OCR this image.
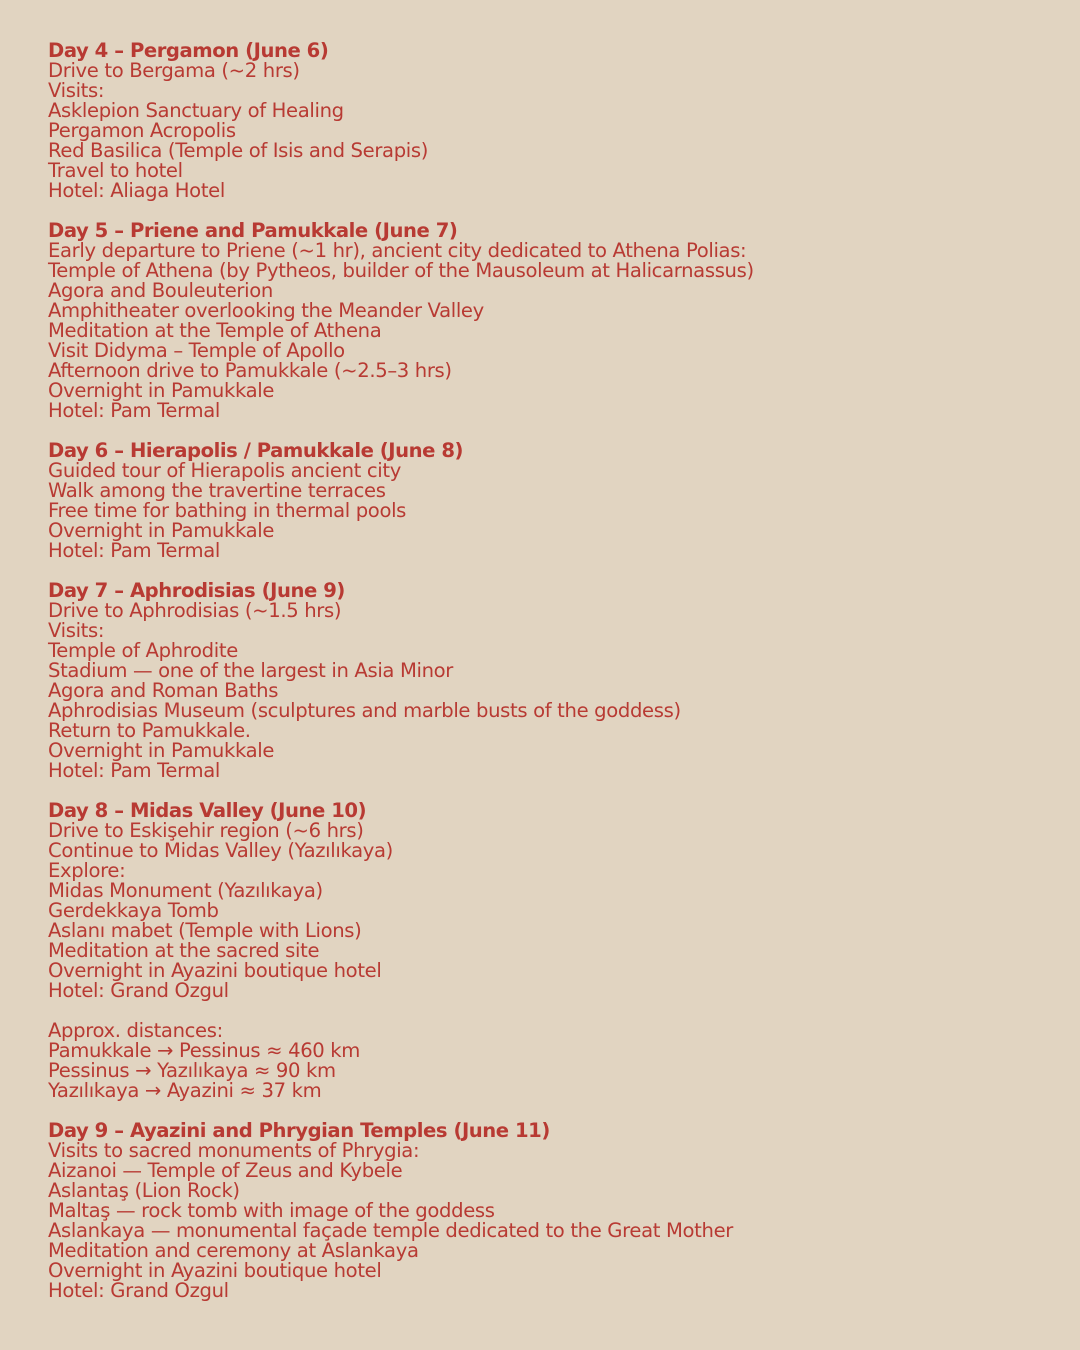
Day 4 – Pergamon (June 6)
Drive to Bergama (~2 hrs)
Visits:
Asklepion Sanctuary of Healing
Pergamon Acropolis
Red Basilica (Temple of Isis and Serapis)
Travel to hotel
Hotel: Aliaga Hotel
Day 5 – Priene and Pamukkale (June 7)
Early departure to Priene (~1 hr), ancient city dedicated to Athena Polias:
Temple of Athena (by Pytheos, builder of the Mausoleum at Halicarnassus)
Agora and Bouleuterion
Amphitheater overlooking the Meander Valley
Meditation at the Temple of Athena
Visit Didyma – Temple of Apollo
Afternoon drive to Pamukkale (~2.5–3 hrs)
Overnight in Pamukkale
Hotel: Pam Termal
Day 6 – Hierapolis / Pamukkale (June 8)
Guided tour of Hierapolis ancient city
Walk among the travertine terraces
Free time for bathing in thermal pools
Overnight in Pamukkale
Hotel: Pam Termal
Day 7 – Aphrodisias (June 9)
Drive to Aphrodisias (~1.5 hrs)
Visits:
Temple of Aphrodite
Stadium — one of the largest in Asia Minor
Agora and Roman Baths
Aphrodisias Museum (sculptures and marble busts of the goddess)
Return to Pamukkale.
Overnight in Pamukkale
Hotel: Pam Termal
Day 8 – Midas Valley (June 10)
Drive to Eskişehir region (~6 hrs)
Continue to Midas Valley (Yazılıkaya)
Explore:
Midas Monument (Yazılıkaya)
Gerdekkaya Tomb
Aslanı mabet (Temple with Lions)
Meditation at the sacred site
Overnight in Ayazini boutique hotel
Hotel: Grand Ozgul
Approx. distances:
Pamukkale → Pessinus ≈ 460 km
Pessinus → Yazılıkaya ≈ 90 km
Yazılıkaya → Ayazini ≈ 37 km
Day 9 – Ayazini and Phrygian Temples (June 11)
Visits to sacred monuments of Phrygia:
Aizanoi — Temple of Zeus and Kybele
Aslantaş (Lion Rock)
Maltaş — rock tomb with image of the goddess
Aslankaya — monumental façade temple dedicated to the Great Mother
Meditation and ceremony at Aslankaya
Overnight in Ayazini boutique hotel
Hotel: Grand Ozgul
